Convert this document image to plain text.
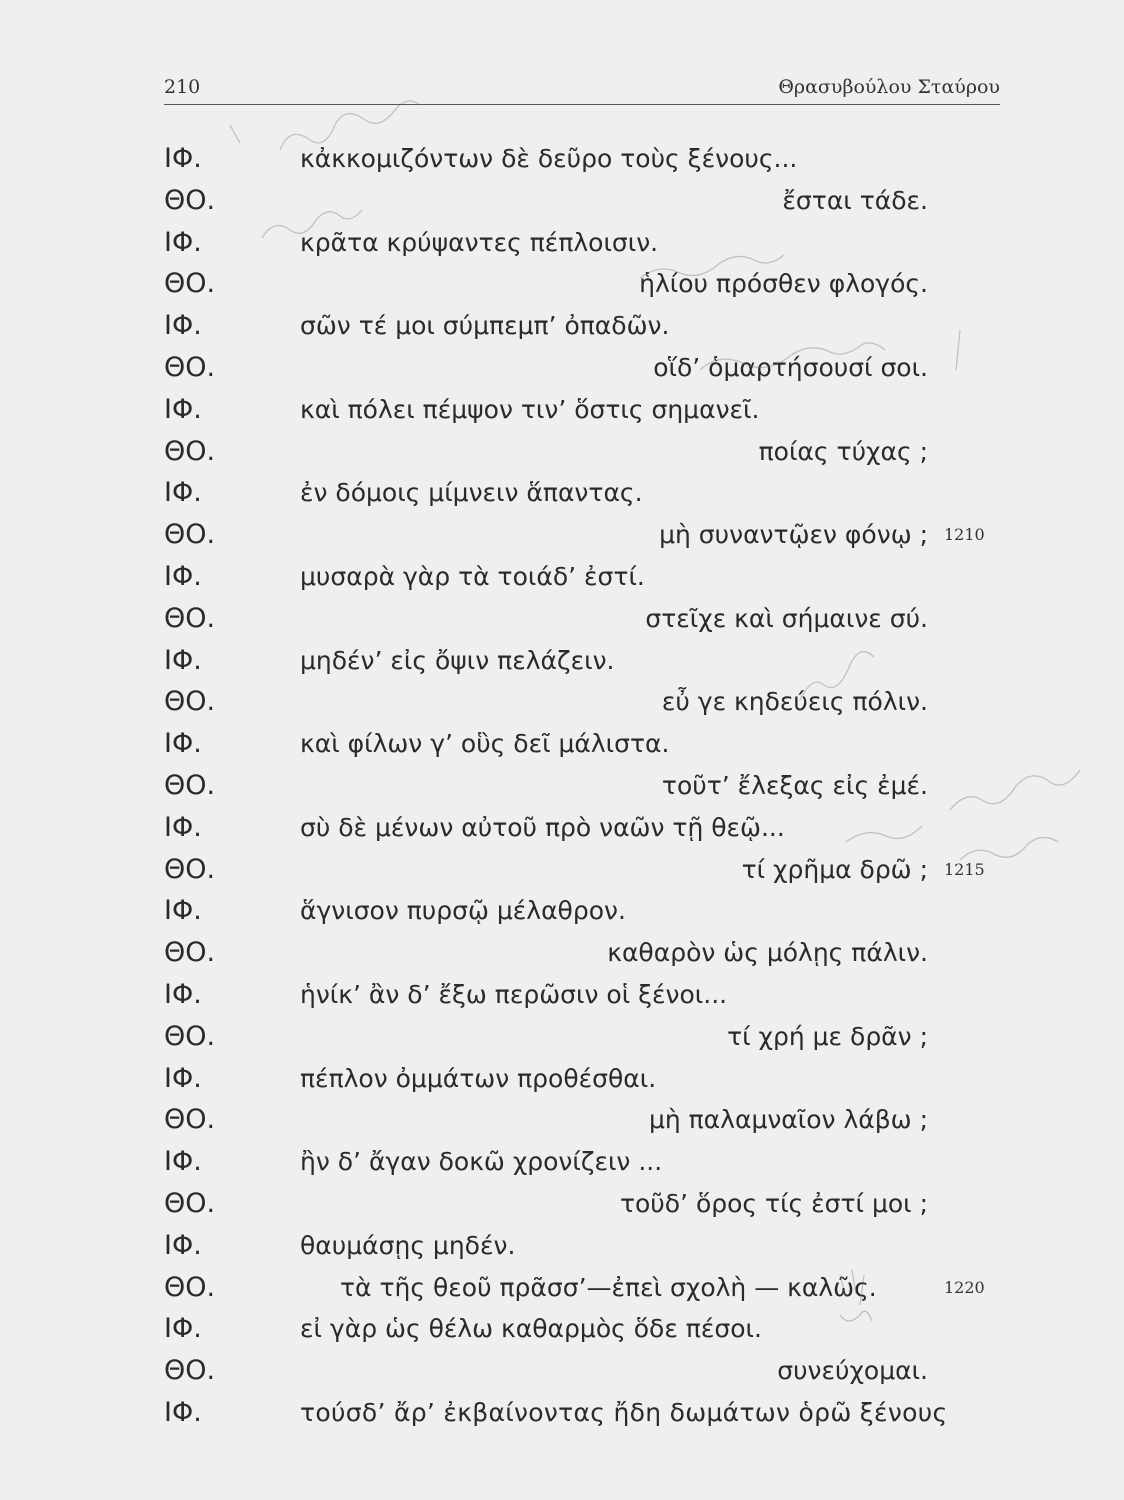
210	Θρασυβούλου Σταύρου
ΙΦ.	κἀκκομιζόντων δὲ δεῦρο τοὺς ξένους...
ΘΟ.	ἔσται τάδε.
ΙΦ.	κρᾶτα κρύψαντες πέπλοισιν.
ΘΟ.	ἡλίου πρόσθεν φλογός.
ΙΦ.	σῶν τέ μοι σύμπεμπ’ ὀπαδῶν.
ΘΟ.	οἵδ’ ὁμαρτήσουσί σοι.
ΙΦ.	καὶ πόλει πέμψον τιν’ ὅστις σημανεῖ.
ΘΟ.	ποίας τύχας ;
ΙΦ.	ἐν δόμοις μίμνειν ἅπαντας.
ΘΟ.	μὴ συναντῷεν φόνῳ ; 1210
ΙΦ.	μυσαρὰ γὰρ τὰ τοιάδ’ ἐστί.
ΘΟ.	στεῖχε καὶ σήμαινε σύ.
ΙΦ.	μηδέν’ εἰς ὄψιν πελάζειν.
ΘΟ.	εὖ γε κηδεύεις πόλιν.
ΙΦ.	καὶ φίλων γ’ οὓς δεῖ μάλιστα.
ΘΟ.	τοῦτ’ ἔλεξας εἰς ἐμέ.
ΙΦ.	σὺ δὲ μένων αὐτοῦ πρὸ ναῶν τῇ θεῷ...
ΘΟ.	τί χρῆμα δρῶ ; 1215
ΙΦ.	ἅγνισον πυρσῷ μέλαθρον.
ΘΟ.	καθαρὸν ὡς μόλῃς πάλιν.
ΙΦ.	ἡνίκ’ ἂν δ’ ἔξω περῶσιν οἱ ξένοι...
ΘΟ.	τί χρή με δρᾶν ;
ΙΦ.	πέπλον ὀμμάτων προθέσθαι.
ΘΟ.	μὴ παλαμναῖον λάβω ;
ΙΦ.	ἢν δ’ ἄγαν δοκῶ χρονίζειν ...
ΘΟ.	τοῦδ’ ὅρος τίς ἐστί μοι ;
ΙΦ.	θαυμάσῃς μηδέν.
ΘΟ.	τὰ τῆς θεοῦ πρᾶσσ’—ἐπεὶ σχολὴ — καλῶς.	1220
ΙΦ.	εἰ γὰρ ὡς θέλω καθαρμὸς ὅδε πέσοι.
ΘΟ.	συνεύχομαι.
ΙΦ.	τούσδ’ ἄρ’ ἐκβαίνοντας ἤδη δωμάτων ὁρῶ ξένους
